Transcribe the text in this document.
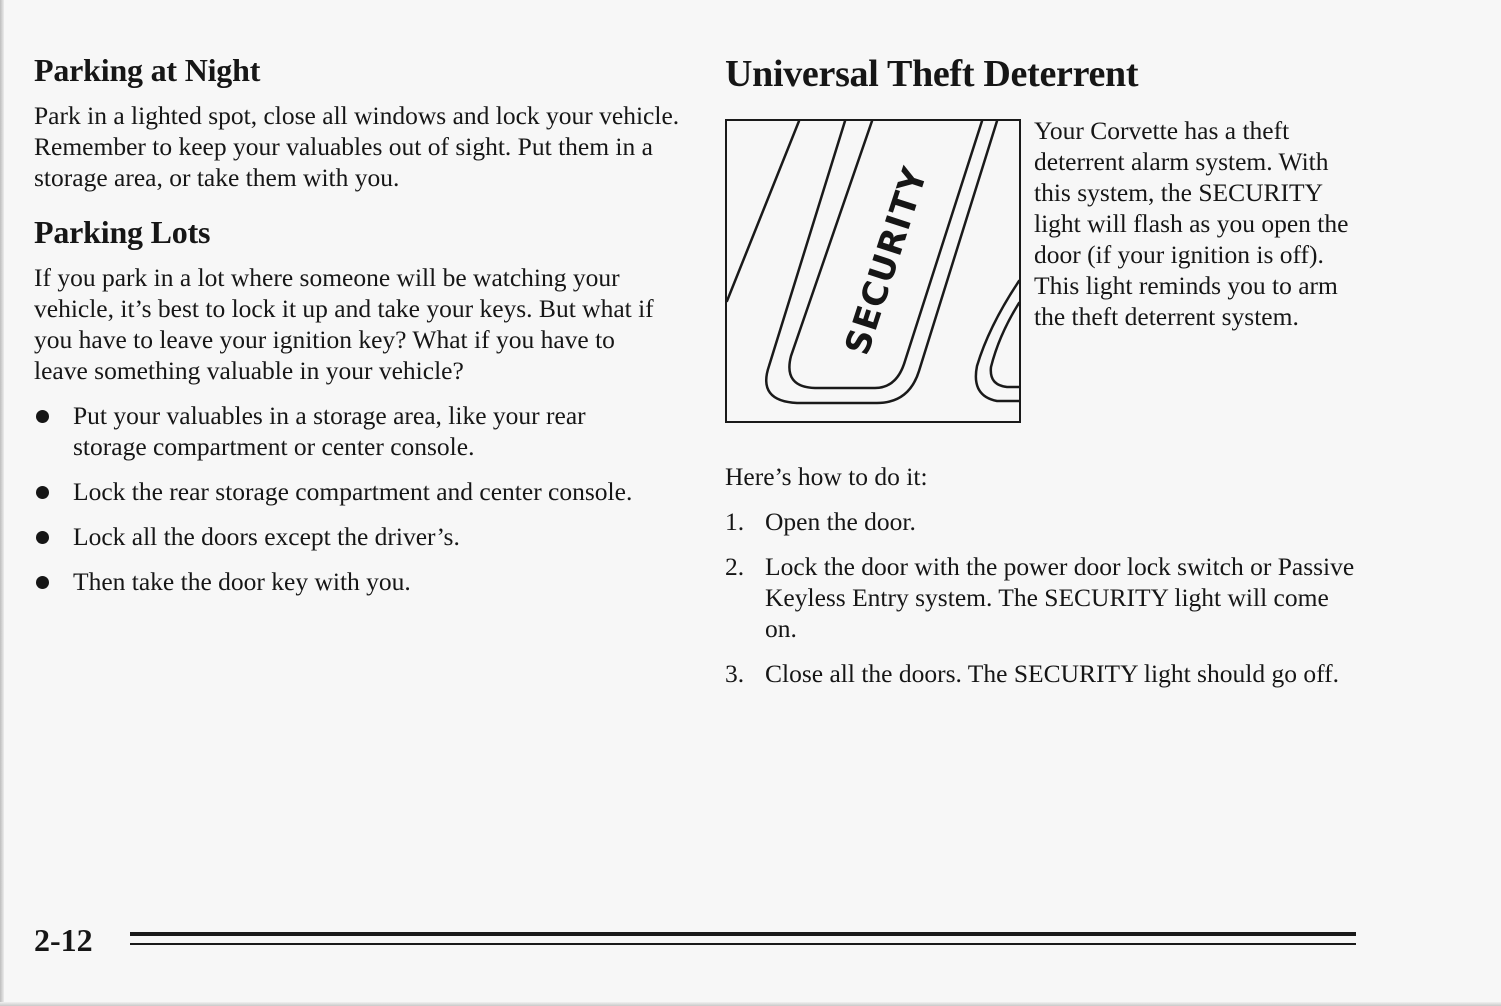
Parking at Night

Park in a lighted spot, close all windows and lock your vehicle. Remember to keep your valuables out of sight. Put them in a storage area, or take them with you.

Parking Lots

If you park in a lot where someone will be watching your vehicle, it’s best to lock it up and take your keys. But what if you have to leave your ignition key? What if you have to leave something valuable in your vehicle?

Put your valuables in a storage area, like your rear storage compartment or center console.
Lock the rear storage compartment and center console.
Lock all the doors except the driver’s.
Then take the door key with you.
Universal Theft Deterrent
SECURITY

Your Corvette has a theft deterrent alarm system. With this system, the SECURITY light will flash as you open the door (if your ignition is off). This light reminds you to arm the theft deterrent system.

Here’s how to do it:

1. Open the door.
2. Lock the door with the power door lock switch or Passive Keyless Entry system. The SECURITY light will come on.
3. Close all the doors. The SECURITY light should go off.
2-12
